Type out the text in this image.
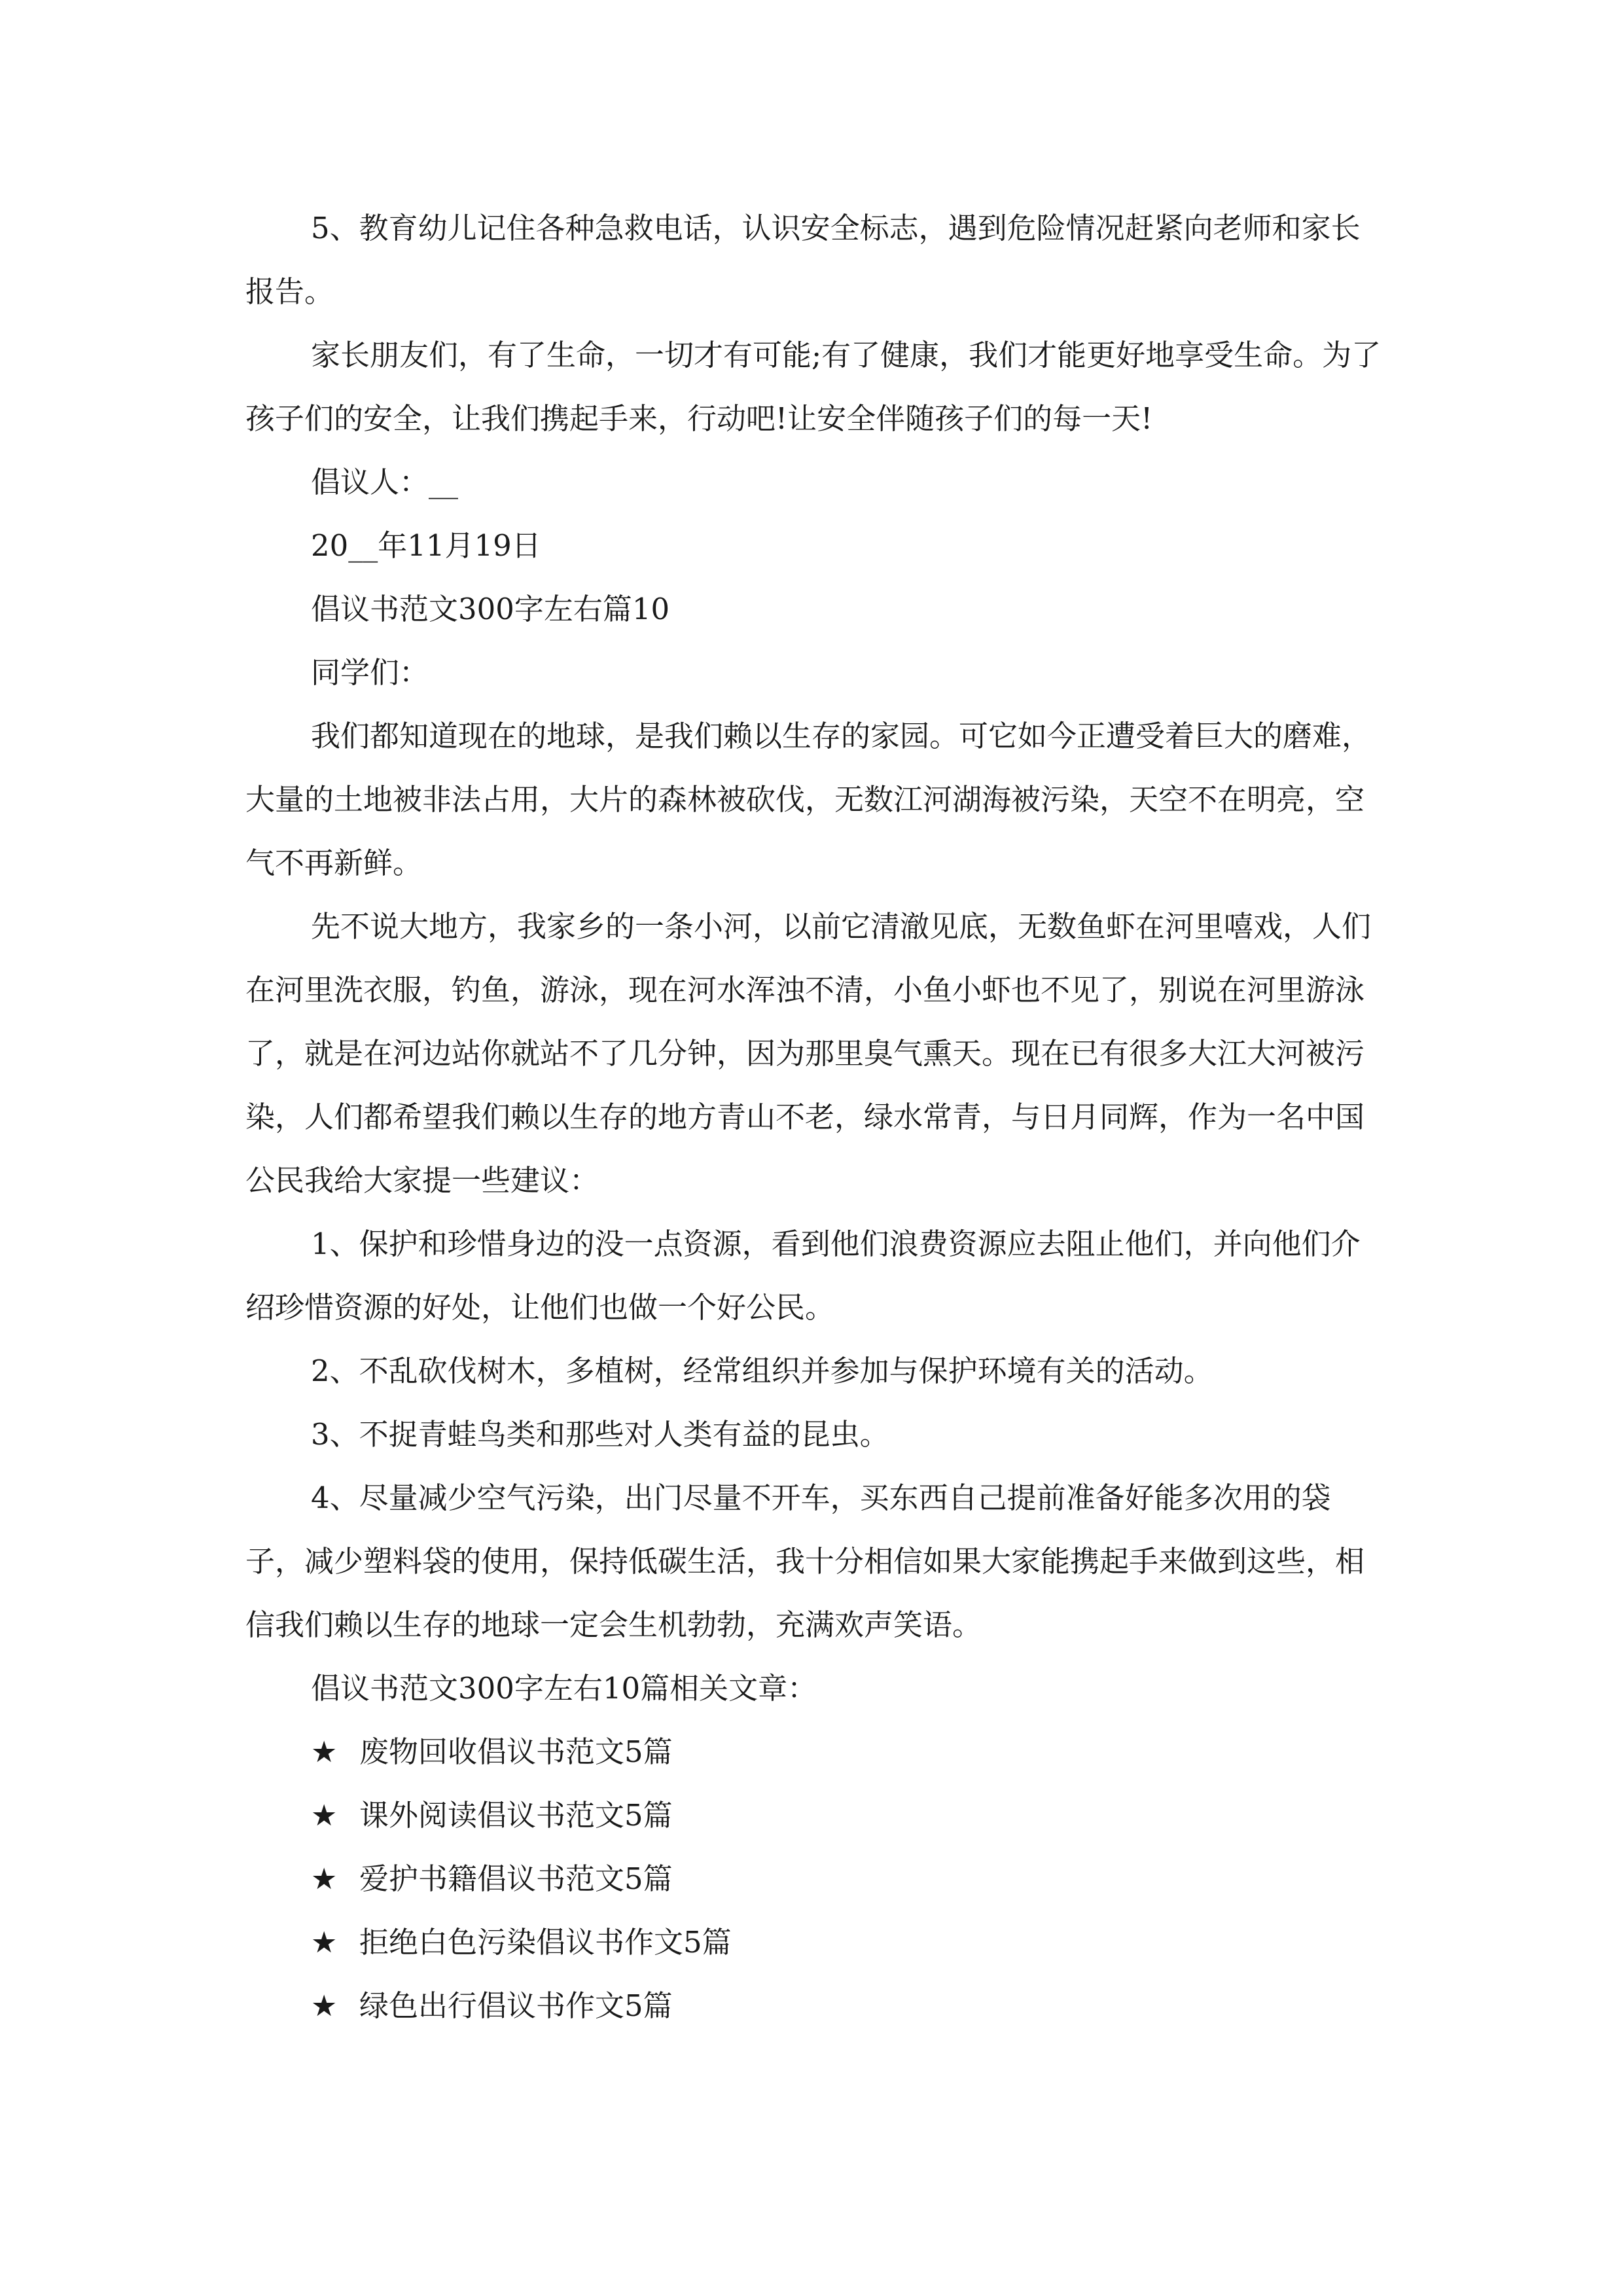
5、教育幼儿记住各种急救电话，认识安全标志，遇到危险情况赶紧向老师和家长报告。

家长朋友们，有了生命，一切才有可能;有了健康，我们才能更好地享受生命。为了孩子们的安全，让我们携起手来，行动吧!让安全伴随孩子们的每一天!

倡议人：__

20__年11月19日

倡议书范文300字左右篇10

同学们：

我们都知道现在的地球，是我们赖以生存的家园。可它如今正遭受着巨大的磨难，大量的土地被非法占用，大片的森林被砍伐，无数江河湖海被污染，天空不在明亮，空气不再新鲜。

先不说大地方，我家乡的一条小河，以前它清澈见底，无数鱼虾在河里嘻戏，人们在河里洗衣服，钓鱼，游泳，现在河水浑浊不清，小鱼小虾也不见了，别说在河里游泳了，就是在河边站你就站不了几分钟，因为那里臭气熏天。现在已有很多大江大河被污染，人们都希望我们赖以生存的地方青山不老，绿水常青，与日月同辉，作为一名中国公民我给大家提一些建议：

1、保护和珍惜身边的没一点资源，看到他们浪费资源应去阻止他们，并向他们介绍珍惜资源的好处，让他们也做一个好公民。

2、不乱砍伐树木，多植树，经常组织并参加与保护环境有关的活动。

3、不捉青蛙鸟类和那些对人类有益的昆虫。

4、尽量减少空气污染，出门尽量不开车，买东西自己提前准备好能多次用的袋子，减少塑料袋的使用，保持低碳生活，我十分相信如果大家能携起手来做到这些，相信我们赖以生存的地球一定会生机勃勃，充满欢声笑语。

倡议书范文300字左右10篇相关文章：

★ 废物回收倡议书范文5篇
★ 课外阅读倡议书范文5篇
★ 爱护书籍倡议书范文5篇
★ 拒绝白色污染倡议书作文5篇
★ 绿色出行倡议书作文5篇
